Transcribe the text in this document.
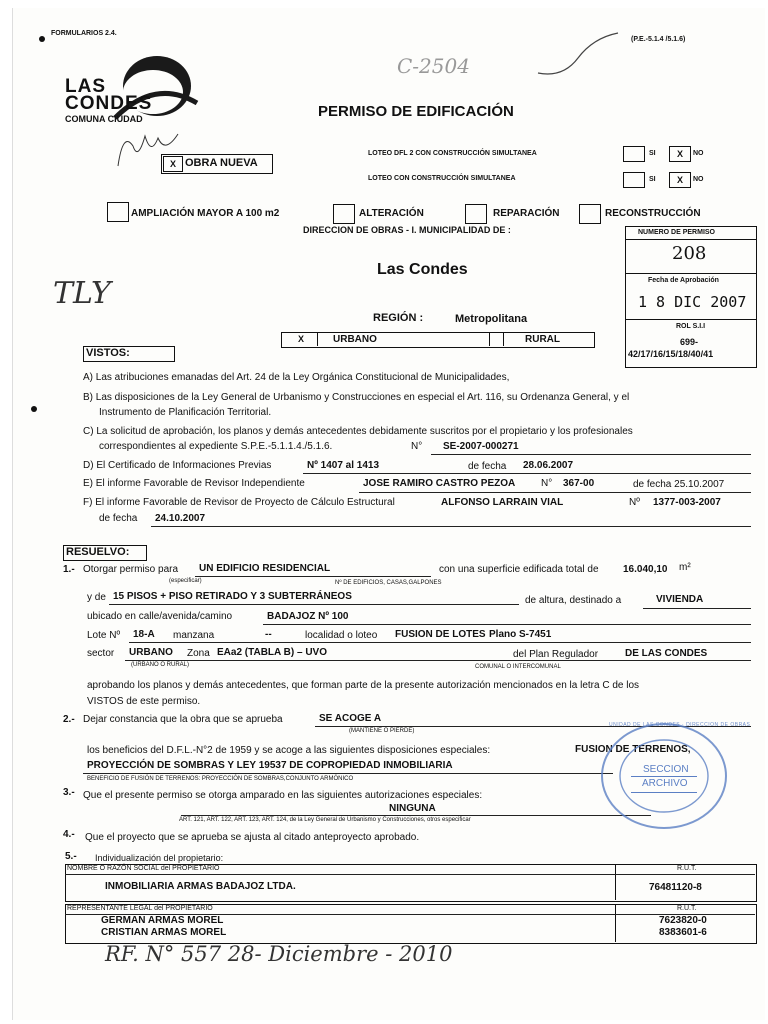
FORMULARIOS 2.4.
(P.E.-5.1.4 /5.1.6)
C-2504
LAS
CONDES
COMUNA CIUDAD	PERMISO DE EDIFICACIÓN
X OBRA NUEVA
LOTEO DFL 2 CON CONSTRUCCIÓN SIMULTANEA	SI	X	NO
LOTEO CON CONSTRUCCIÓN SIMULTANEA	SI	X	NO
AMPLIACIÓN MAYOR A 100 m2	ALTERACIÓN	REPARACIÓN	RECONSTRUCCIÓN
DIRECCION DE OBRAS - I. MUNICIPALIDAD DE :
Las Condes
TLY
REGIÓN :	Metropolitana
X	URBANO	RURAL
NUMERO DE PERMISO
208
Fecha de Aprobación
1 8 DIC 2007
ROL S.I.I
699-
42/17/16/15/18/40/41
VISTOS:
A) Las atribuciones emanadas del Art. 24 de la Ley Orgánica Constitucional de Municipalidades,
B) Las disposiciones de la Ley General de Urbanismo y Construcciones en especial el Art. 116, su Ordenanza General, y el
Instrumento de Planificación Territorial.
C) La solicitud de aprobación, los planos y demás antecedentes debidamente suscritos por el propietario y los profesionales
correspondientes al expediente S.P.E.-5.1.1.4./5.1.6.	N° SE-2007-000271
D) El Certificado de Informaciones Previas	Nº 1407 al 1413	de fecha 28.06.2007
E) El informe Favorable de Revisor Independiente	JOSE RAMIRO CASTRO PEZOA	N° 367-00	de fecha 25.10.2007
F) El informe Favorable de Revisor de Proyecto de Cálculo Estructural	ALFONSO LARRAIN VIAL	Nº 1377-003-2007
de fecha 24.10.2007
RESUELVO:
1.- Otorgar permiso para UN EDIFICIO RESIDENCIAL	con una superficie edificada total de 16.040,10 m²
(especificar)	Nº DE EDIFICIOS, CASAS,GALPONES
y de 15 PISOS + PISO RETIRADO Y 3 SUBTERRÁNEOS	de altura, destinado a	VIVIENDA
ubicado en calle/avenida/camino	BADAJOZ Nº 100
Lote Nº 18-A manzana	--	localidad o loteo FUSION DE LOTES Plano S-7451
sector URBANO Zona EAa2 (TABLA B) – UVO	del Plan Regulador	DE LAS CONDES
(URBANO O RURAL)	COMUNAL O INTERCOMUNAL
aprobando los planos y demás antecedentes, que forman parte de la presente autorización mencionados en la letra C de los
VISTOS de este permiso.
2.- Dejar constancia que la obra que se aprueba	SE ACOGE A
(MANTIENE O PIERDE)
los beneficios del D.F.L.-N°2 de 1959 y se acoge a las siguientes disposiciones especiales:	FUSION DE TERRENOS,
PROYECCIÓN DE SOMBRAS Y LEY 19537 DE COPROPIEDAD INMOBILIARIA
BENEFICIO DE FUSIÓN DE TERRENOS: PROYECCIÓN DE SOMBRAS,CONJUNTO ARMÓNICO
3.- Que el presente permiso se otorga amparado en las siguientes autorizaciones especiales:
NINGUNA
ART. 121, ART. 122, ART. 123, ART. 124, de la Ley General de Urbanismo y Construcciones, otros especificar
4.- Que el proyecto que se aprueba se ajusta al citado anteproyecto aprobado.
UNIDAD DE LAS CONDES · DIRECCION DE OBRAS
SECCION
ARCHIVO
5.- Individualización del propietario:
NOMBRE O RAZÓN SOCIAL del PROPIETARIO	R.U.T.
INMOBILIARIA ARMAS BADAJOZ LTDA.	76481120-8
REPRESENTANTE LEGAL del PROPIETARIO	R.U.T.
GERMAN ARMAS MOREL	7623820-0
CRISTIAN ARMAS MOREL	8383601-6
RF. N° 557 28- Diciembre - 2010
